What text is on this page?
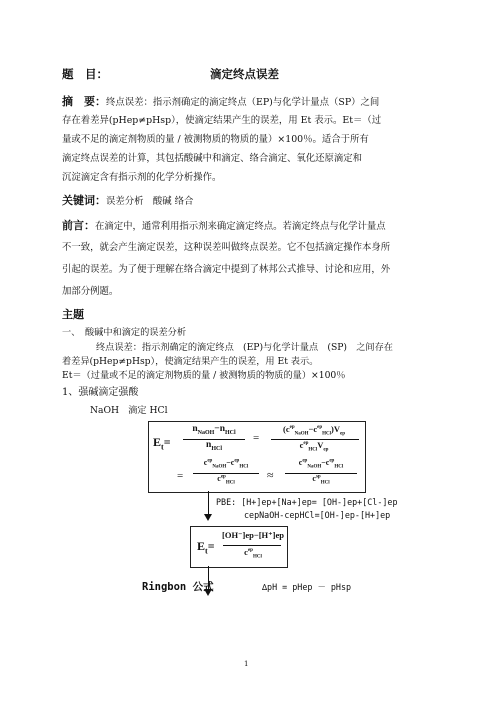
题　目：	滴定终点误差
摘　要：终点误差：指示剂确定的滴定终点（EP)与化学计量点（SP）之间
存在着差异(pHep≠pHsp），使滴定结果产生的误差，用 Et 表示。Et＝（过
量或不足的滴定剂物质的量 / 被测物质的物质的量）×100％。适合于所有
滴定终点误差的计算，其包括酸碱中和滴定、络合滴定、氧化还原滴定和
沉淀滴定含有指示剂的化学分析操作。
关键词：误差分析　酸碱 络合
前言：在滴定中，通常利用指示剂来确定滴定终点。若滴定终点与化学计量点
不一致，就会产生滴定误差，这种误差叫做终点误差。它不包括滴定操作本身所
引起的误差。为了便于理解在络合滴定中提到了林邦公式推导、讨论和应用，外
加部分例题。
主题
一、　酸碱中和滴定的误差分析
终点误差：指示剂确定的滴定终点　(EP)与化学计量点　(SP)　之间存在
着差异(pHep≠pHsp），使滴定结果产生的误差，用 Et 表示。
Et＝（过量或不足的滴定剂物质的量 / 被测物质的物质的量）×100％
1、强碱滴定强酸
NaOH　滴定 HCl
$E_t=$
$n_{NaOH}-n_{HCl}$
$n_{HCl}$
=
$(c^{ep}_{NaOH}-c^{ep}_{HCl})V_{ep}$
$c^{ep}_{HCl}V_{ep}$
=
$c^{ep}_{NaOH}-c^{ep}_{HCl}$
$c^{ep}_{HCl}$
≈
$c^{ep}_{NaOH}-c^{ep}_{HCl}$
$c^{sp}_{HCl}$
PBE: [H+]ep+[Na+]ep= [OH-]ep+[Cl-]ep
cepNaOH-cepHCl=[OH-]ep-[H+]ep
$E_t=$
[OH⁻]ep−[H⁺]ep
$c^{ep}_{HCl}$
Ringbon 公式	∆pH = pHep － pHsp
1
